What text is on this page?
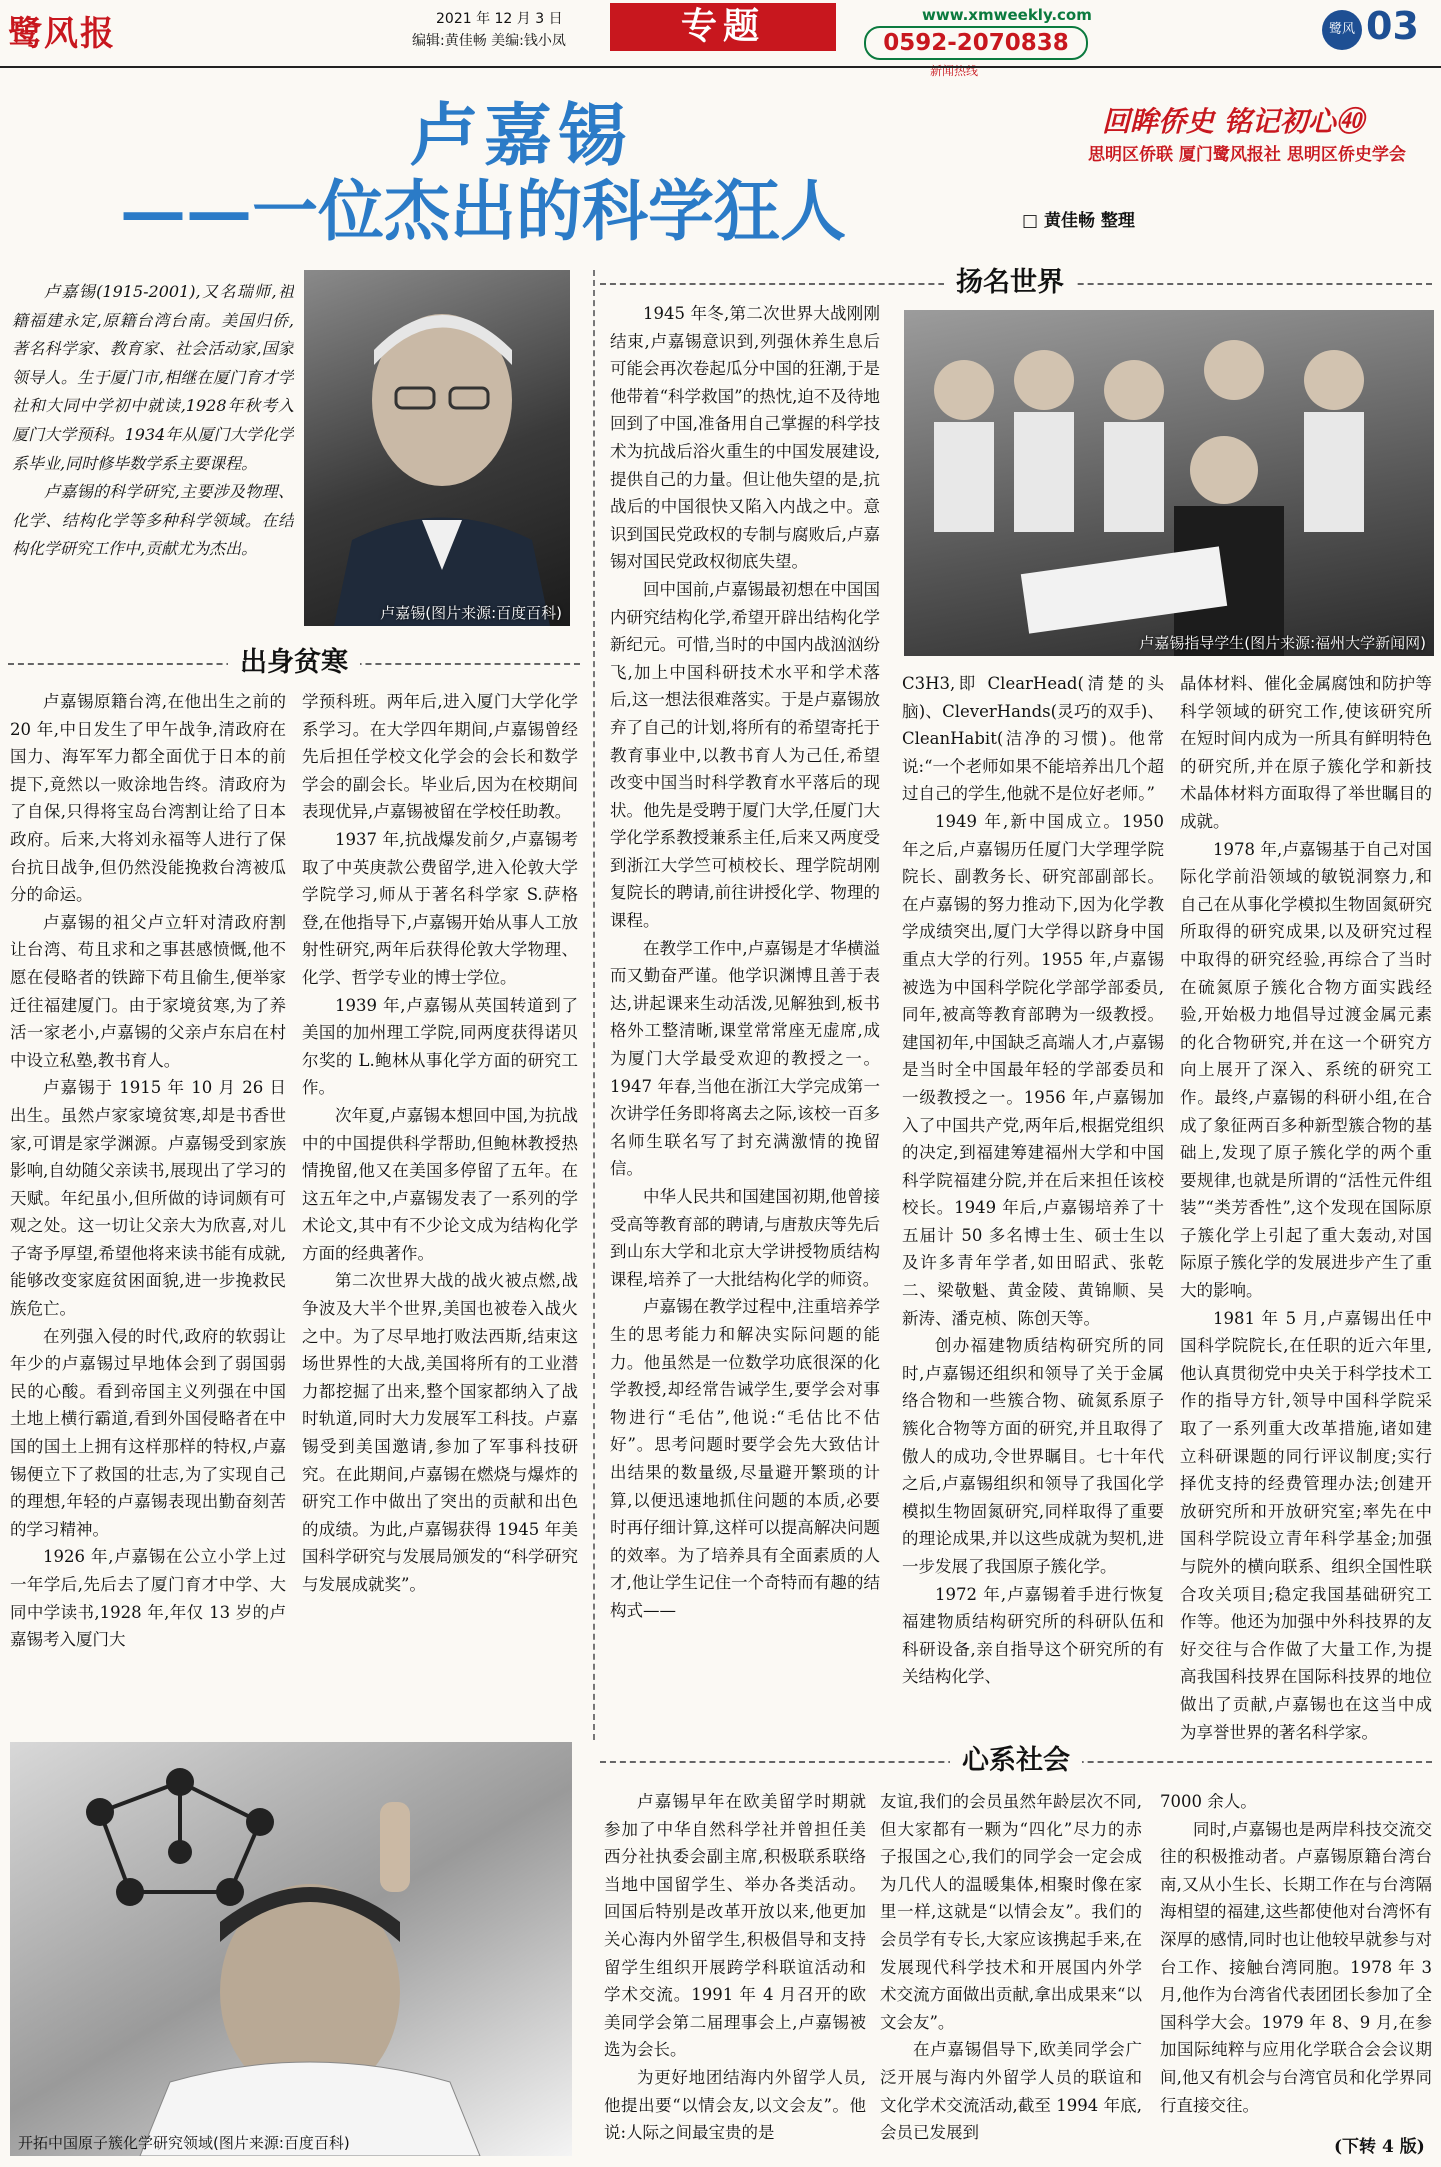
鹭风报	2021 年 12 月 3 日
编辑:黄佳畅 美编:钱小凤	专题	www.xmweekly.com
0592-2070838
新闻热线
鹭风 03
卢嘉锡
——一位杰出的科学狂人	□ 黄佳畅 整理
回眸侨史 铭记初心㊵
思明区侨联 厦门鹭风报社 思明区侨史学会

卢嘉锡(1915-2001),又名瑞师,祖籍福建永定,原籍台湾台南。美国归侨,著名科学家、教育家、社会活动家,国家领导人。生于厦门市,相继在厦门育才学社和大同中学初中就读,1928年秋考入厦门大学预科。1934年从厦门大学化学系毕业,同时修毕数学系主要课程。

卢嘉锡的科学研究,主要涉及物理、化学、结构化学等多种科学领域。在结构化学研究工作中,贡献尤为杰出。

卢嘉锡(图片来源:百度百科)
出身贫寒

卢嘉锡原籍台湾,在他出生之前的 20 年,中日发生了甲午战争,清政府在国力、海军军力都全面优于日本的前提下,竟然以一败涂地告终。清政府为了自保,只得将宝岛台湾割让给了日本政府。后来,大将刘永福等人进行了保台抗日战争,但仍然没能挽救台湾被瓜分的命运。

卢嘉锡的祖父卢立轩对清政府割让台湾、苟且求和之事甚感愤慨,他不愿在侵略者的铁蹄下苟且偷生,便举家迁往福建厦门。由于家境贫寒,为了养活一家老小,卢嘉锡的父亲卢东启在村中设立私塾,教书育人。

卢嘉锡于 1915 年 10 月 26 日出生。虽然卢家家境贫寒,却是书香世家,可谓是家学渊源。卢嘉锡受到家族影响,自幼随父亲读书,展现出了学习的天赋。年纪虽小,但所做的诗词颇有可观之处。这一切让父亲大为欣喜,对儿子寄予厚望,希望他将来读书能有成就,能够改变家庭贫困面貌,进一步挽救民族危亡。

在列强入侵的时代,政府的软弱让年少的卢嘉锡过早地体会到了弱国弱民的心酸。看到帝国主义列强在中国土地上横行霸道,看到外国侵略者在中国的国土上拥有这样那样的特权,卢嘉锡便立下了救国的壮志,为了实现自己的理想,年轻的卢嘉锡表现出勤奋刻苦的学习精神。

1926 年,卢嘉锡在公立小学上过一年学后,先后去了厦门育才中学、大同中学读书,1928 年,年仅 13 岁的卢嘉锡考入厦门大

学预科班。两年后,进入厦门大学化学系学习。在大学四年期间,卢嘉锡曾经先后担任学校文化学会的会长和数学学会的副会长。毕业后,因为在校期间表现优异,卢嘉锡被留在学校任助教。

1937 年,抗战爆发前夕,卢嘉锡考取了中英庚款公费留学,进入伦敦大学学院学习,师从于著名科学家 S.萨格登,在他指导下,卢嘉锡开始从事人工放射性研究,两年后获得伦敦大学物理、化学、哲学专业的博士学位。

1939 年,卢嘉锡从英国转道到了美国的加州理工学院,同两度获得诺贝尔奖的 L.鲍林从事化学方面的研究工作。

次年夏,卢嘉锡本想回中国,为抗战中的中国提供科学帮助,但鲍林教授热情挽留,他又在美国多停留了五年。在这五年之中,卢嘉锡发表了一系列的学术论文,其中有不少论文成为结构化学方面的经典著作。

第二次世界大战的战火被点燃,战争波及大半个世界,美国也被卷入战火之中。为了尽早地打败法西斯,结束这场世界性的大战,美国将所有的工业潜力都挖掘了出来,整个国家都纳入了战时轨道,同时大力发展军工科技。卢嘉锡受到美国邀请,参加了军事科技研究。在此期间,卢嘉锡在燃烧与爆炸的研究工作中做出了突出的贡献和出色的成绩。为此,卢嘉锡获得 1945 年美国科学研究与发展局颁发的“科学研究与发展成就奖”。

开拓中国原子簇化学研究领域(图片来源:百度百科)
扬名世界

1945 年冬,第二次世界大战刚刚结束,卢嘉锡意识到,列强休养生息后可能会再次卷起瓜分中国的狂潮,于是他带着“科学救国”的热忱,迫不及待地回到了中国,准备用自己掌握的科学技术为抗战后浴火重生的中国发展建设,提供自己的力量。但让他失望的是,抗战后的中国很快又陷入内战之中。意识到国民党政权的专制与腐败后,卢嘉锡对国民党政权彻底失望。

回中国前,卢嘉锡最初想在中国国内研究结构化学,希望开辟出结构化学新纪元。可惜,当时的中国内战汹汹纷飞,加上中国科研技术水平和学术落后,这一想法很难落实。于是卢嘉锡放弃了自己的计划,将所有的希望寄托于教育事业中,以教书育人为己任,希望改变中国当时科学教育水平落后的现状。他先是受聘于厦门大学,任厦门大学化学系教授兼系主任,后来又两度受到浙江大学竺可桢校长、理学院胡刚复院长的聘请,前往讲授化学、物理的课程。

在教学工作中,卢嘉锡是才华横溢而又勤奋严谨。他学识渊博且善于表达,讲起课来生动活泼,见解独到,板书格外工整清晰,课堂常常座无虚席,成为厦门大学最受欢迎的教授之一。1947 年春,当他在浙江大学完成第一次讲学任务即将离去之际,该校一百多名师生联名写了封充满激情的挽留信。

中华人民共和国建国初期,他曾接受高等教育部的聘请,与唐敖庆等先后到山东大学和北京大学讲授物质结构课程,培养了一大批结构化学的师资。

卢嘉锡在教学过程中,注重培养学生的思考能力和解决实际问题的能力。他虽然是一位数学功底很深的化学教授,却经常告诫学生,要学会对事物进行“毛估”,他说:“毛估比不估好”。思考问题时要学会先大致估计出结果的数量级,尽量避开繁琐的计算,以便迅速地抓住问题的本质,必要时再仔细计算,这样可以提高解决问题的效率。为了培养具有全面素质的人才,他让学生记住一个奇特而有趣的结构式——

卢嘉锡指导学生(图片来源:福州大学新闻网)

C3H3,即 ClearHead(清楚的头脑)、CleverHands(灵巧的双手)、CleanHabit(洁净的习惯)。他常说:“一个老师如果不能培养出几个超过自己的学生,他就不是位好老师。”

1949 年,新中国成立。1950 年之后,卢嘉锡历任厦门大学理学院院长、副教务长、研究部副部长。在卢嘉锡的努力推动下,因为化学教学成绩突出,厦门大学得以跻身中国重点大学的行列。1955 年,卢嘉锡被选为中国科学院化学部学部委员,同年,被高等教育部聘为一级教授。建国初年,中国缺乏高端人才,卢嘉锡是当时全中国最年轻的学部委员和一级教授之一。1956 年,卢嘉锡加入了中国共产党,两年后,根据党组织的决定,到福建筹建福州大学和中国科学院福建分院,并在后来担任该校校长。1949 年后,卢嘉锡培养了十五届计 50 多名博士生、硕士生以及许多青年学者,如田昭武、张乾二、梁敬魁、黄金陵、黄锦顺、吴新涛、潘克桢、陈创天等。

创办福建物质结构研究所的同时,卢嘉锡还组织和领导了关于金属络合物和一些簇合物、硫氮系原子簇化合物等方面的研究,并且取得了傲人的成功,令世界瞩目。七十年代之后,卢嘉锡组织和领导了我国化学模拟生物固氮研究,同样取得了重要的理论成果,并以这些成就为契机,进一步发展了我国原子簇化学。

1972 年,卢嘉锡着手进行恢复福建物质结构研究所的科研队伍和科研设备,亲自指导这个研究所的有关结构化学、

晶体材料、催化金属腐蚀和防护等科学领域的研究工作,使该研究所在短时间内成为一所具有鲜明特色的研究所,并在原子簇化学和新技术晶体材料方面取得了举世瞩目的成就。

1978 年,卢嘉锡基于自己对国际化学前沿领域的敏锐洞察力,和自己在从事化学模拟生物固氮研究所取得的研究成果,以及研究过程中取得的研究经验,再综合了当时在硫氮原子簇化合物方面实践经验,开始极力地倡导过渡金属元素的化合物研究,并在这一个研究方向上展开了深入、系统的研究工作。最终,卢嘉锡的科研小组,在合成了象征两百多种新型簇合物的基础上,发现了原子簇化学的两个重要规律,也就是所谓的“活性元件组装”“类芳香性”,这个发现在国际原子簇化学上引起了重大轰动,对国际原子簇化学的发展进步产生了重大的影响。

1981 年 5 月,卢嘉锡出任中国科学院院长,在任职的近六年里,他认真贯彻党中央关于科学技术工作的指导方针,领导中国科学院采取了一系列重大改革措施,诸如建立科研课题的同行评议制度;实行择优支持的经费管理办法;创建开放研究所和开放研究室;率先在中国科学院设立青年科学基金;加强与院外的横向联系、组织全国性联合攻关项目;稳定我国基础研究工作等。他还为加强中外科技界的友好交往与合作做了大量工作,为提高我国科技界在国际科技界的地位做出了贡献,卢嘉锡也在这当中成为享誉世界的著名科学家。

心系社会

卢嘉锡早年在欧美留学时期就参加了中华自然科学社并曾担任美西分社执委会副主席,积极联系联络当地中国留学生、举办各类活动。回国后特别是改革开放以来,他更加关心海内外留学生,积极倡导和支持留学生组织开展跨学科联谊活动和学术交流。1991 年 4 月召开的欧美同学会第二届理事会上,卢嘉锡被选为会长。

为更好地团结海内外留学人员,他提出要“以情会友,以文会友”。他说:人际之间最宝贵的是

友谊,我们的会员虽然年龄层次不同,但大家都有一颗为“四化”尽力的赤子报国之心,我们的同学会一定会成为几代人的温暖集体,相聚时像在家里一样,这就是“以情会友”。我们的会员学有专长,大家应该携起手来,在发展现代科学技术和开展国内外学术交流方面做出贡献,拿出成果来“以文会友”。

在卢嘉锡倡导下,欧美同学会广泛开展与海内外留学人员的联谊和文化学术交流活动,截至 1994 年底,会员已发展到

7000 余人。

同时,卢嘉锡也是两岸科技交流交往的积极推动者。卢嘉锡原籍台湾台南,又从小生长、长期工作在与台湾隔海相望的福建,这些都使他对台湾怀有深厚的感情,同时也让他较早就参与对台工作、接触台湾同胞。1978 年 3 月,他作为台湾省代表团团长参加了全国科学大会。1979 年 8、9 月,在参加国际纯粹与应用化学联合会会议期间,他又有机会与台湾官员和化学界同行直接交往。

(下转 4 版)
